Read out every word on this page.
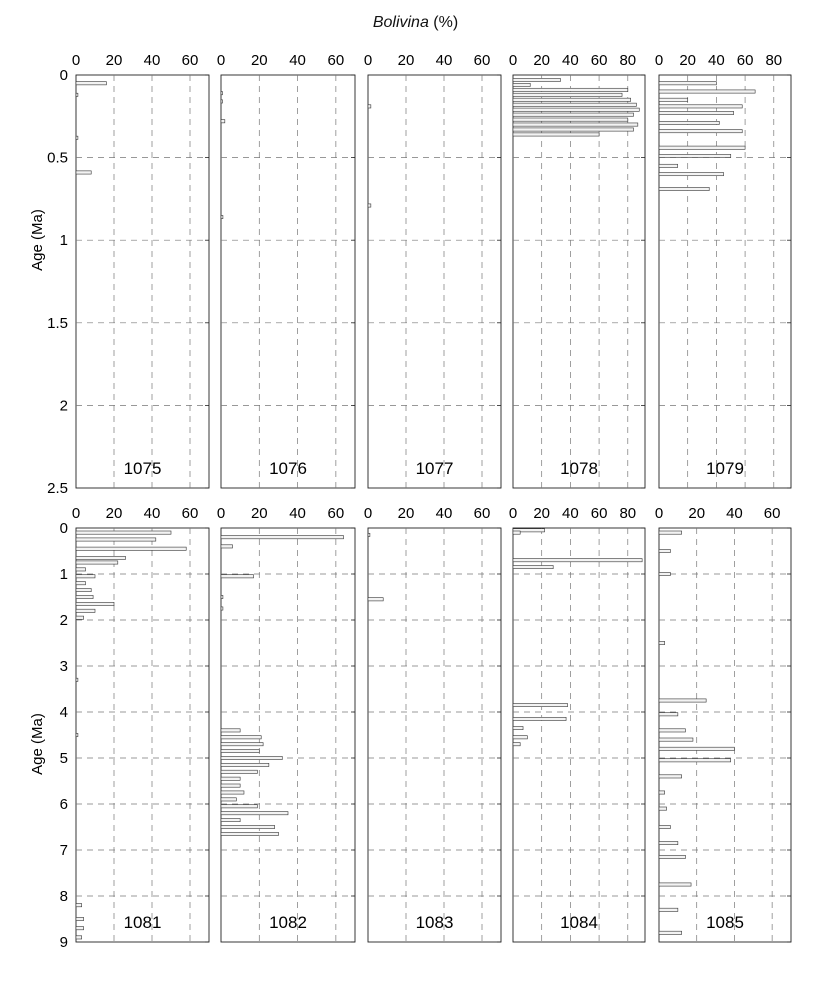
Bolivina (%)
Age (Ma)
Age (Ma)
0 20 40 60
0
0.5
1
1.5
2
2.5
1075
0 20 40 60
1076
0 20 40 60
1077
0 20 40 60 80
1078
0 20 40 60 80
1079
0 20 40 60
0
1
2
3
4
5
6
7
8
9
1081
0 20 40 60
1082
0 20 40 60
1083
0 20 40 60 80
1084
0 20 40 60
1085
